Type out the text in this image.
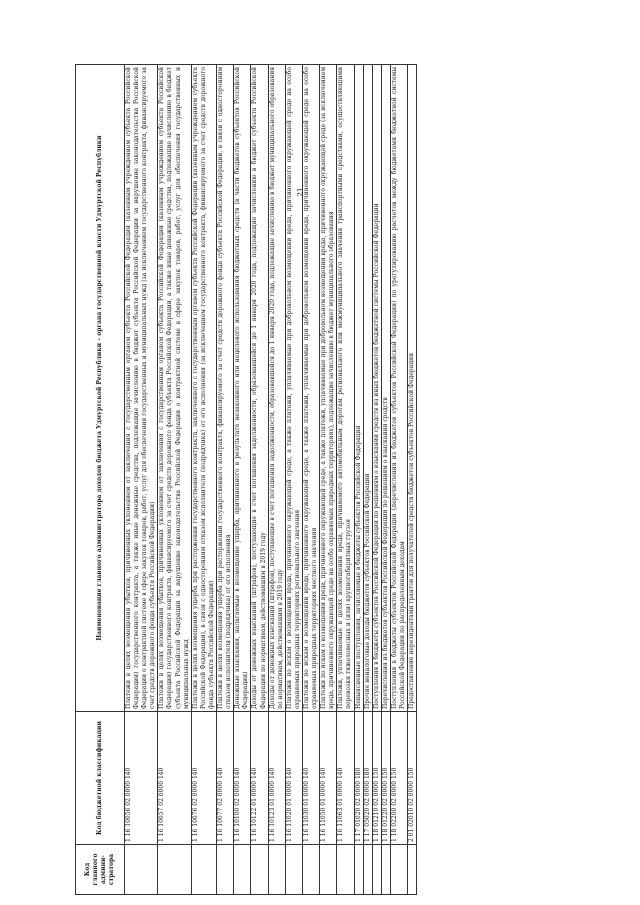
21
Код главного админи-стратора	Код бюджетной классификации	Наименование главного администратора доходов бюджета Удмуртской Республики – органа государственной власти Удмуртской Республики
	1 16 10056 02 0000 140	Платежи в целях возмещения убытков, причиненных уклонением от заключения с государственным органом субъекта Российской Федерации (казенным учреждением субъекта Российской Федерации) государственного контракта, а также иные денежные средства, подлежащие зачислению в бюджет субъекта Российской Федерации за нарушение законодательства Российской Федерации о контрактной системе в сфере закупок товаров, работ, услуг для обеспечения государственных и муниципальных нужд (за исключением государственного контракта, финансируемого за счет средств дорожного фонда субъекта Российской Федерации)
	1 16 10057 02 0000 140	Платежи в целях возмещения убытков, причиненных уклонением от заключения с государственным органом субъекта Российской Федерации (казенным учреждением субъекта Российской Федерации) государственного контракта, финансируемого за счет средств дорожного фонда субъекта Российской Федерации, а также иные денежные средства, подлежащие зачислению в бюджет субъекта Российской Федерации за нарушение законодательства Российской Федерации о контрактной системе в сфере закупок товаров, работ, услуг для обеспечения государственных и муниципальных нужд
	1 16 10076 02 0000 140	Платежи в целях возмещения ущерба при расторжении государственного контракта, заключенного с государственным органом субъекта Российской Федерации (казенным учреждением субъекта Российской Федерации), в связи с односторонним отказом исполнителя (подрядчика) от его исполнения (за исключением государственного контракта, финансируемого за счет средств дорожного фонда субъекта Российской Федерации)
	1 16 10077 02 0000 140	Платежи в целях возмещения ущерба при расторжении государственного контракта, финансируемого за счет средств дорожного фонда субъекта Российской Федерации, в связи с односторонним отказом исполнителя (подрядчика) от его исполнения
	1 16 10100 02 0000 140	Денежные взыскания, налагаемые в возмещение ущерба, причиненного в результате незаконного или нецелевого использования бюджетных средств (в части бюджетов субъектов Российской Федерации)
	1 16 10122 01 0000 140	Доходы от денежных взысканий (штрафов), поступающие в счет погашения задолженности, образовавшейся до 1 января 2020 года, подлежащие зачислению в бюджет субъекта Российской Федерации по нормативам, действовавшим в 2019 году
	1 16 10123 01 0000 140	Доходы от денежных взысканий (штрафов), поступающие в счет погашения задолженности, образовавшейся до 1 января 2020 года, подлежащие зачислению в бюджет муниципального образования по нормативам, действовавшим в 2019 году
	1 16 11020 01 0000 140	Платежи по искам о возмещении вреда, причиненного окружающей среде, а также платежи, уплачиваемые при добровольном возмещении вреда, причиненного окружающей среде на особо охраняемых природных территориях регионального значения
	1 16 11030 01 0000 140	Платежи по искам о возмещении вреда, причиненного окружающей среде, а также платежи, уплачиваемые при добровольном возмещении вреда, причиненного окружающей среде на особо охраняемых природных территориях местного значения
	1 16 11050 01 0000 140	Платежи по искам о возмещении вреда, причиненного окружающей среде, а также платежи, уплачиваемые при добровольном возмещении вреда, причиненного окружающей среде (за исключением вреда, причиненного окружающей среде на особо охраняемых природных территориях), подлежащие зачислению в бюджет муниципального образования
	1 16 11063 01 0000 140	Платежи, уплачиваемые в целях возмещения вреда, причиняемого автомобильным дорогам регионального или межмуниципального значения транспортными средствами, осуществляющими перевозки тяжеловесных и (или) крупногабаритных грузов
	1 17 01020 02 0000 180	Невыясненные поступления, зачисляемые в бюджеты субъектов Российской Федерации
	1 17 05020 02 0000 180	Прочие неналоговые доходы бюджетов субъектов Российской Федерации
	1 18 01210 02 0000 150	Поступления в бюджеты субъектов Российской Федерации по решениям о взыскании средств из иных бюджетов бюджетной системы Российской Федерации
	1 18 01220 02 0000 150	Перечисления из бюджетов субъектов Российской Федерации по решениям о взыскании средств
	1 18 02200 02 0000 150	Поступления в бюджеты субъектов Российской Федерации (перечисления из бюджетов субъектов Российской Федерации) по урегулированию расчетов между бюджетами бюджетной системы Российской Федерации по распределенным доходам
	2 01 02010 02 0000 150	Предоставление нерезидентами грантов для получателей средств бюджетов субъектов Российской Федерации
